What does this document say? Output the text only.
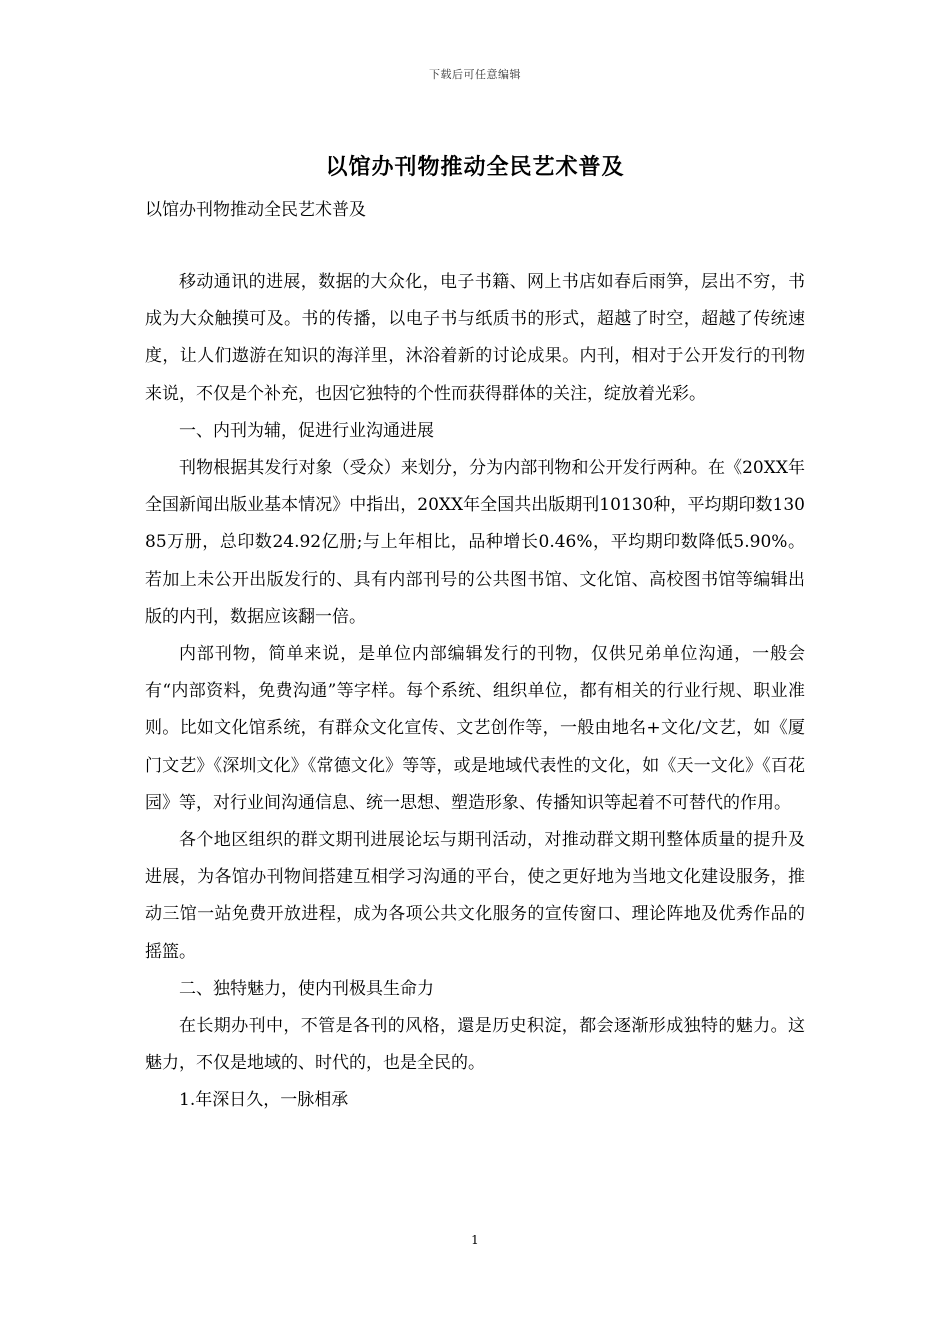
下载后可任意编辑
以馆办刊物推动全民艺术普及
以馆办刊物推动全民艺术普及

移动通讯的进展，数据的大众化，电子书籍、网上书店如春后雨笋，层出不穷，书成为大众触摸可及。书的传播，以电子书与纸质书的形式，超越了时空，超越了传统速度，让人们遨游在知识的海洋里，沐浴着新的讨论成果。内刊，相对于公开发行的刊物来说，不仅是个补充，也因它独特的个性而获得群体的关注，绽放着光彩。

一、内刊为辅，促进行业沟通进展

刊物根据其发行对象（受众）来划分，分为内部刊物和公开发行两种。在《20XX年全国新闻出版业基本情况》中指出，20XX年全国共出版期刊10130种，平均期印数13085万册，总印数24.92亿册;与上年相比，品种增长0.46%，平均期印数降低5.90%。若加上未公开出版发行的、具有内部刊号的公共图书馆、文化馆、高校图书馆等编辑出版的内刊，数据应该翻一倍。

内部刊物，简单来说，是单位内部编辑发行的刊物，仅供兄弟单位沟通，一般会有“内部资料，免费沟通”等字样。每个系统、组织单位，都有相关的行业行规、职业准则。比如文化馆系统，有群众文化宣传、文艺创作等，一般由地名+文化/文艺，如《厦门文艺》《深圳文化》《常德文化》等等，或是地域代表性的文化，如《天一文化》《百花园》等，对行业间沟通信息、统一思想、塑造形象、传播知识等起着不可替代的作用。

各个地区组织的群文期刊进展论坛与期刊活动，对推动群文期刊整体质量的提升及进展，为各馆办刊物间搭建互相学习沟通的平台，使之更好地为当地文化建设服务，推动三馆一站免费开放进程，成为各项公共文化服务的宣传窗口、理论阵地及优秀作品的摇篮。

二、独特魅力，使内刊极具生命力

在长期办刊中，不管是各刊的风格，還是历史积淀，都会逐渐形成独特的魅力。这魅力，不仅是地域的、时代的，也是全民的。

1.年深日久，一脉相承

1
